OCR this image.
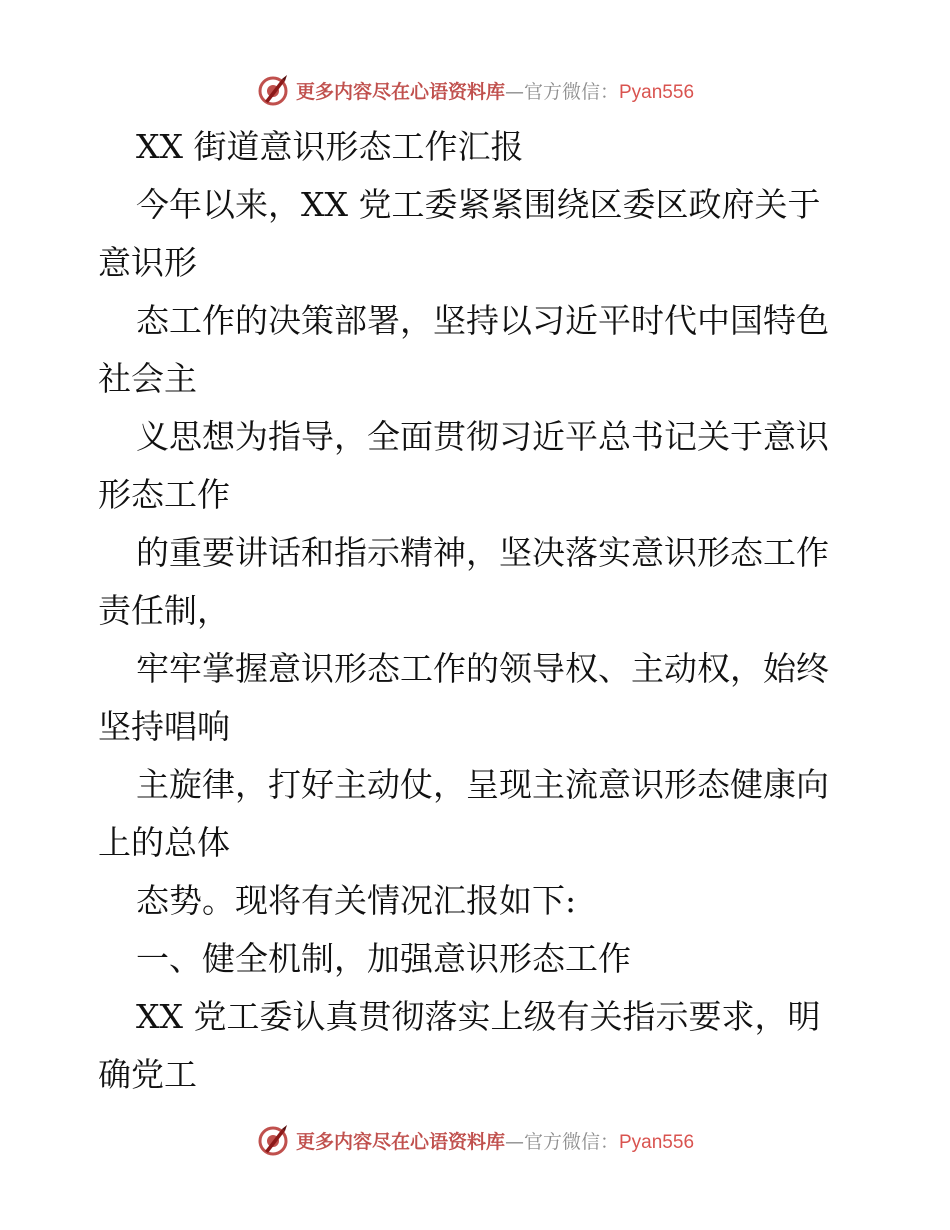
更多内容尽在心语资料库—官方微信：Pyan556
XX 街道意识形态工作汇报
今年以来，XX 党工委紧紧围绕区委区政府关于
意识形
态工作的决策部署，坚持以习近平时代中国特色
社会主
义思想为指导，全面贯彻习近平总书记关于意识
形态工作
的重要讲话和指示精神，坚决落实意识形态工作
责任制，
牢牢掌握意识形态工作的领导权、主动权，始终
坚持唱响
主旋律，打好主动仗，呈现主流意识形态健康向
上的总体
态势。现将有关情况汇报如下:
一、健全机制，加强意识形态工作
XX 党工委认真贯彻落实上级有关指示要求，明
确党工
更多内容尽在心语资料库—官方微信：Pyan556
